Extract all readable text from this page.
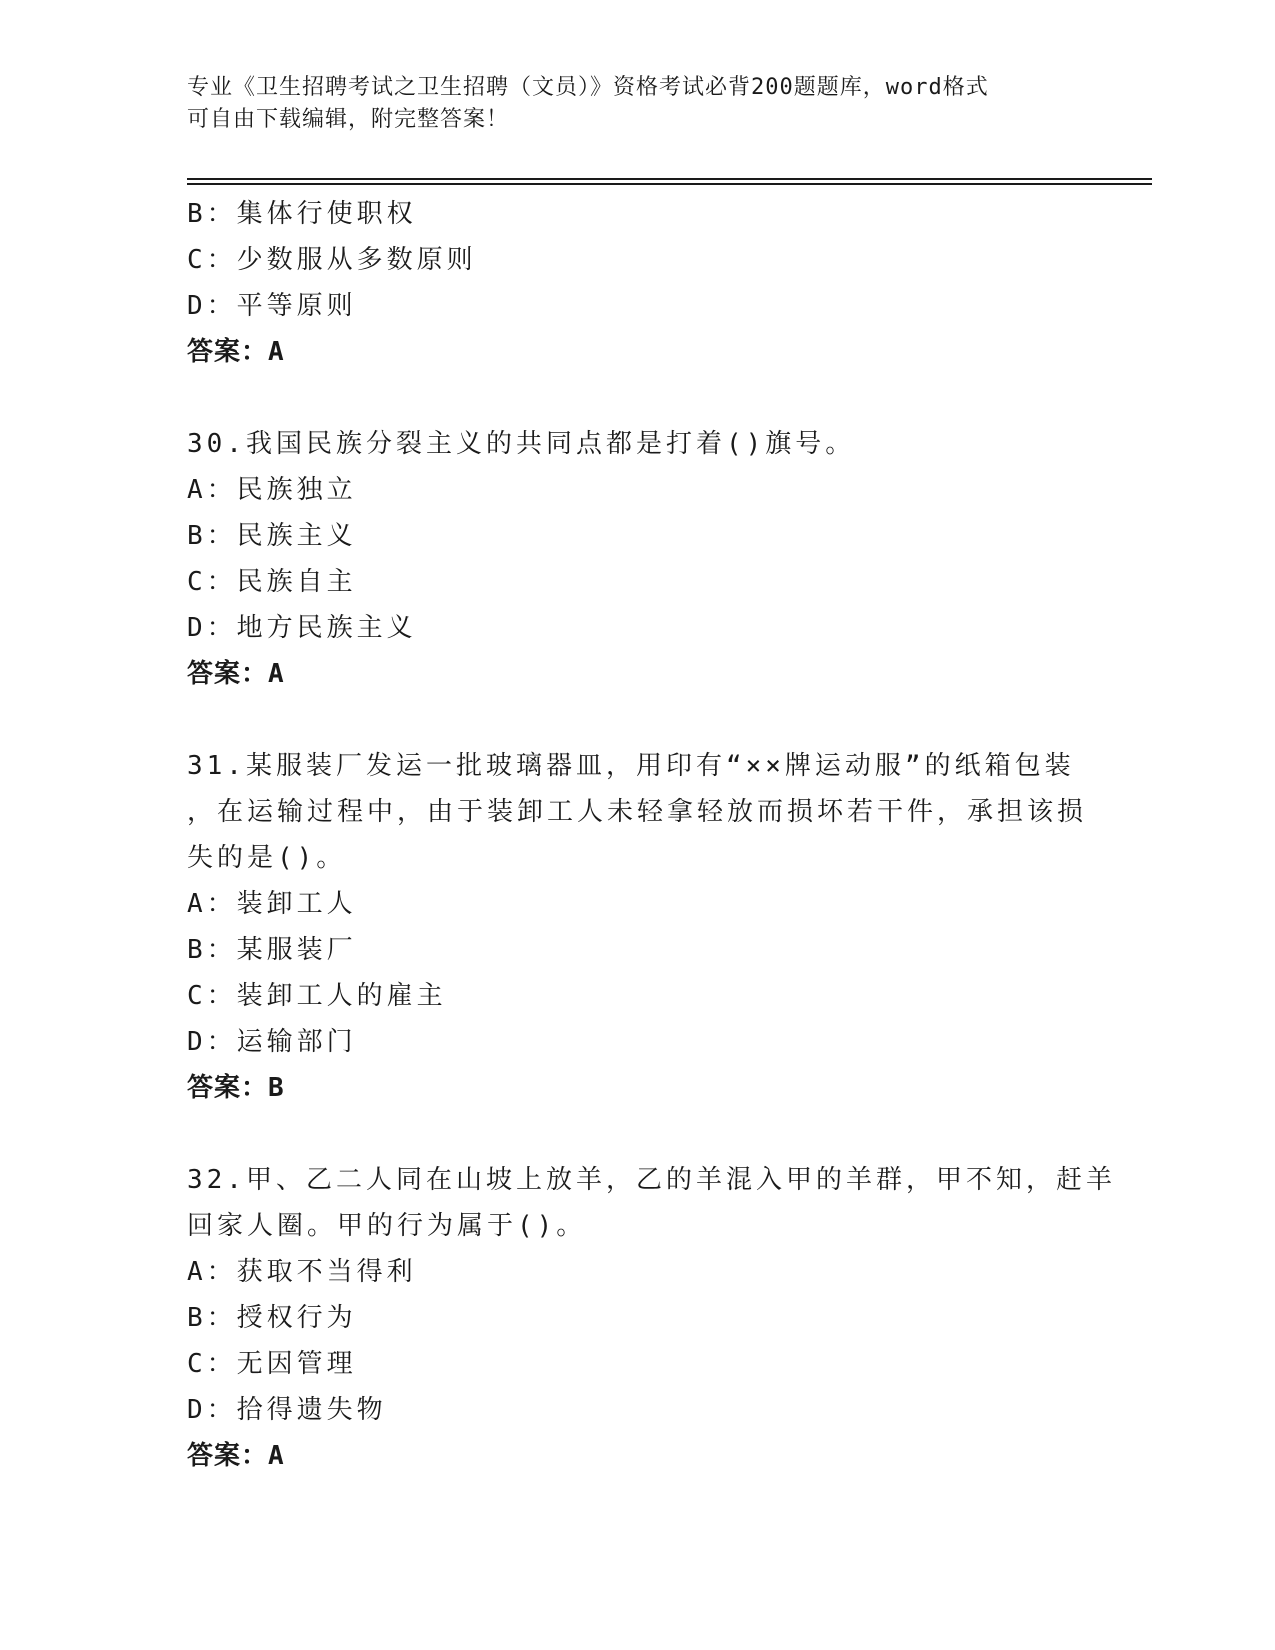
专业《卫生招聘考试之卫生招聘（文员）》资格考试必背200题题库，word格式
可自由下载编辑，附完整答案！
B：集体行使职权
C：少数服从多数原则
D：平等原则
答案：A
30.我国民族分裂主义的共同点都是打着()旗号。
A：民族独立
B：民族主义
C：民族自主
D：地方民族主义
答案：A
31.某服装厂发运一批玻璃器皿，用印有“××牌运动服”的纸箱包装
，在运输过程中，由于装卸工人未轻拿轻放而损坏若干件，承担该损
失的是()。
A：装卸工人
B：某服装厂
C：装卸工人的雇主
D：运输部门
答案：B
32.甲、乙二人同在山坡上放羊，乙的羊混入甲的羊群，甲不知，赶羊
回家人圈。甲的行为属于()。
A：获取不当得利
B：授权行为
C：无因管理
D：拾得遗失物
答案：A
